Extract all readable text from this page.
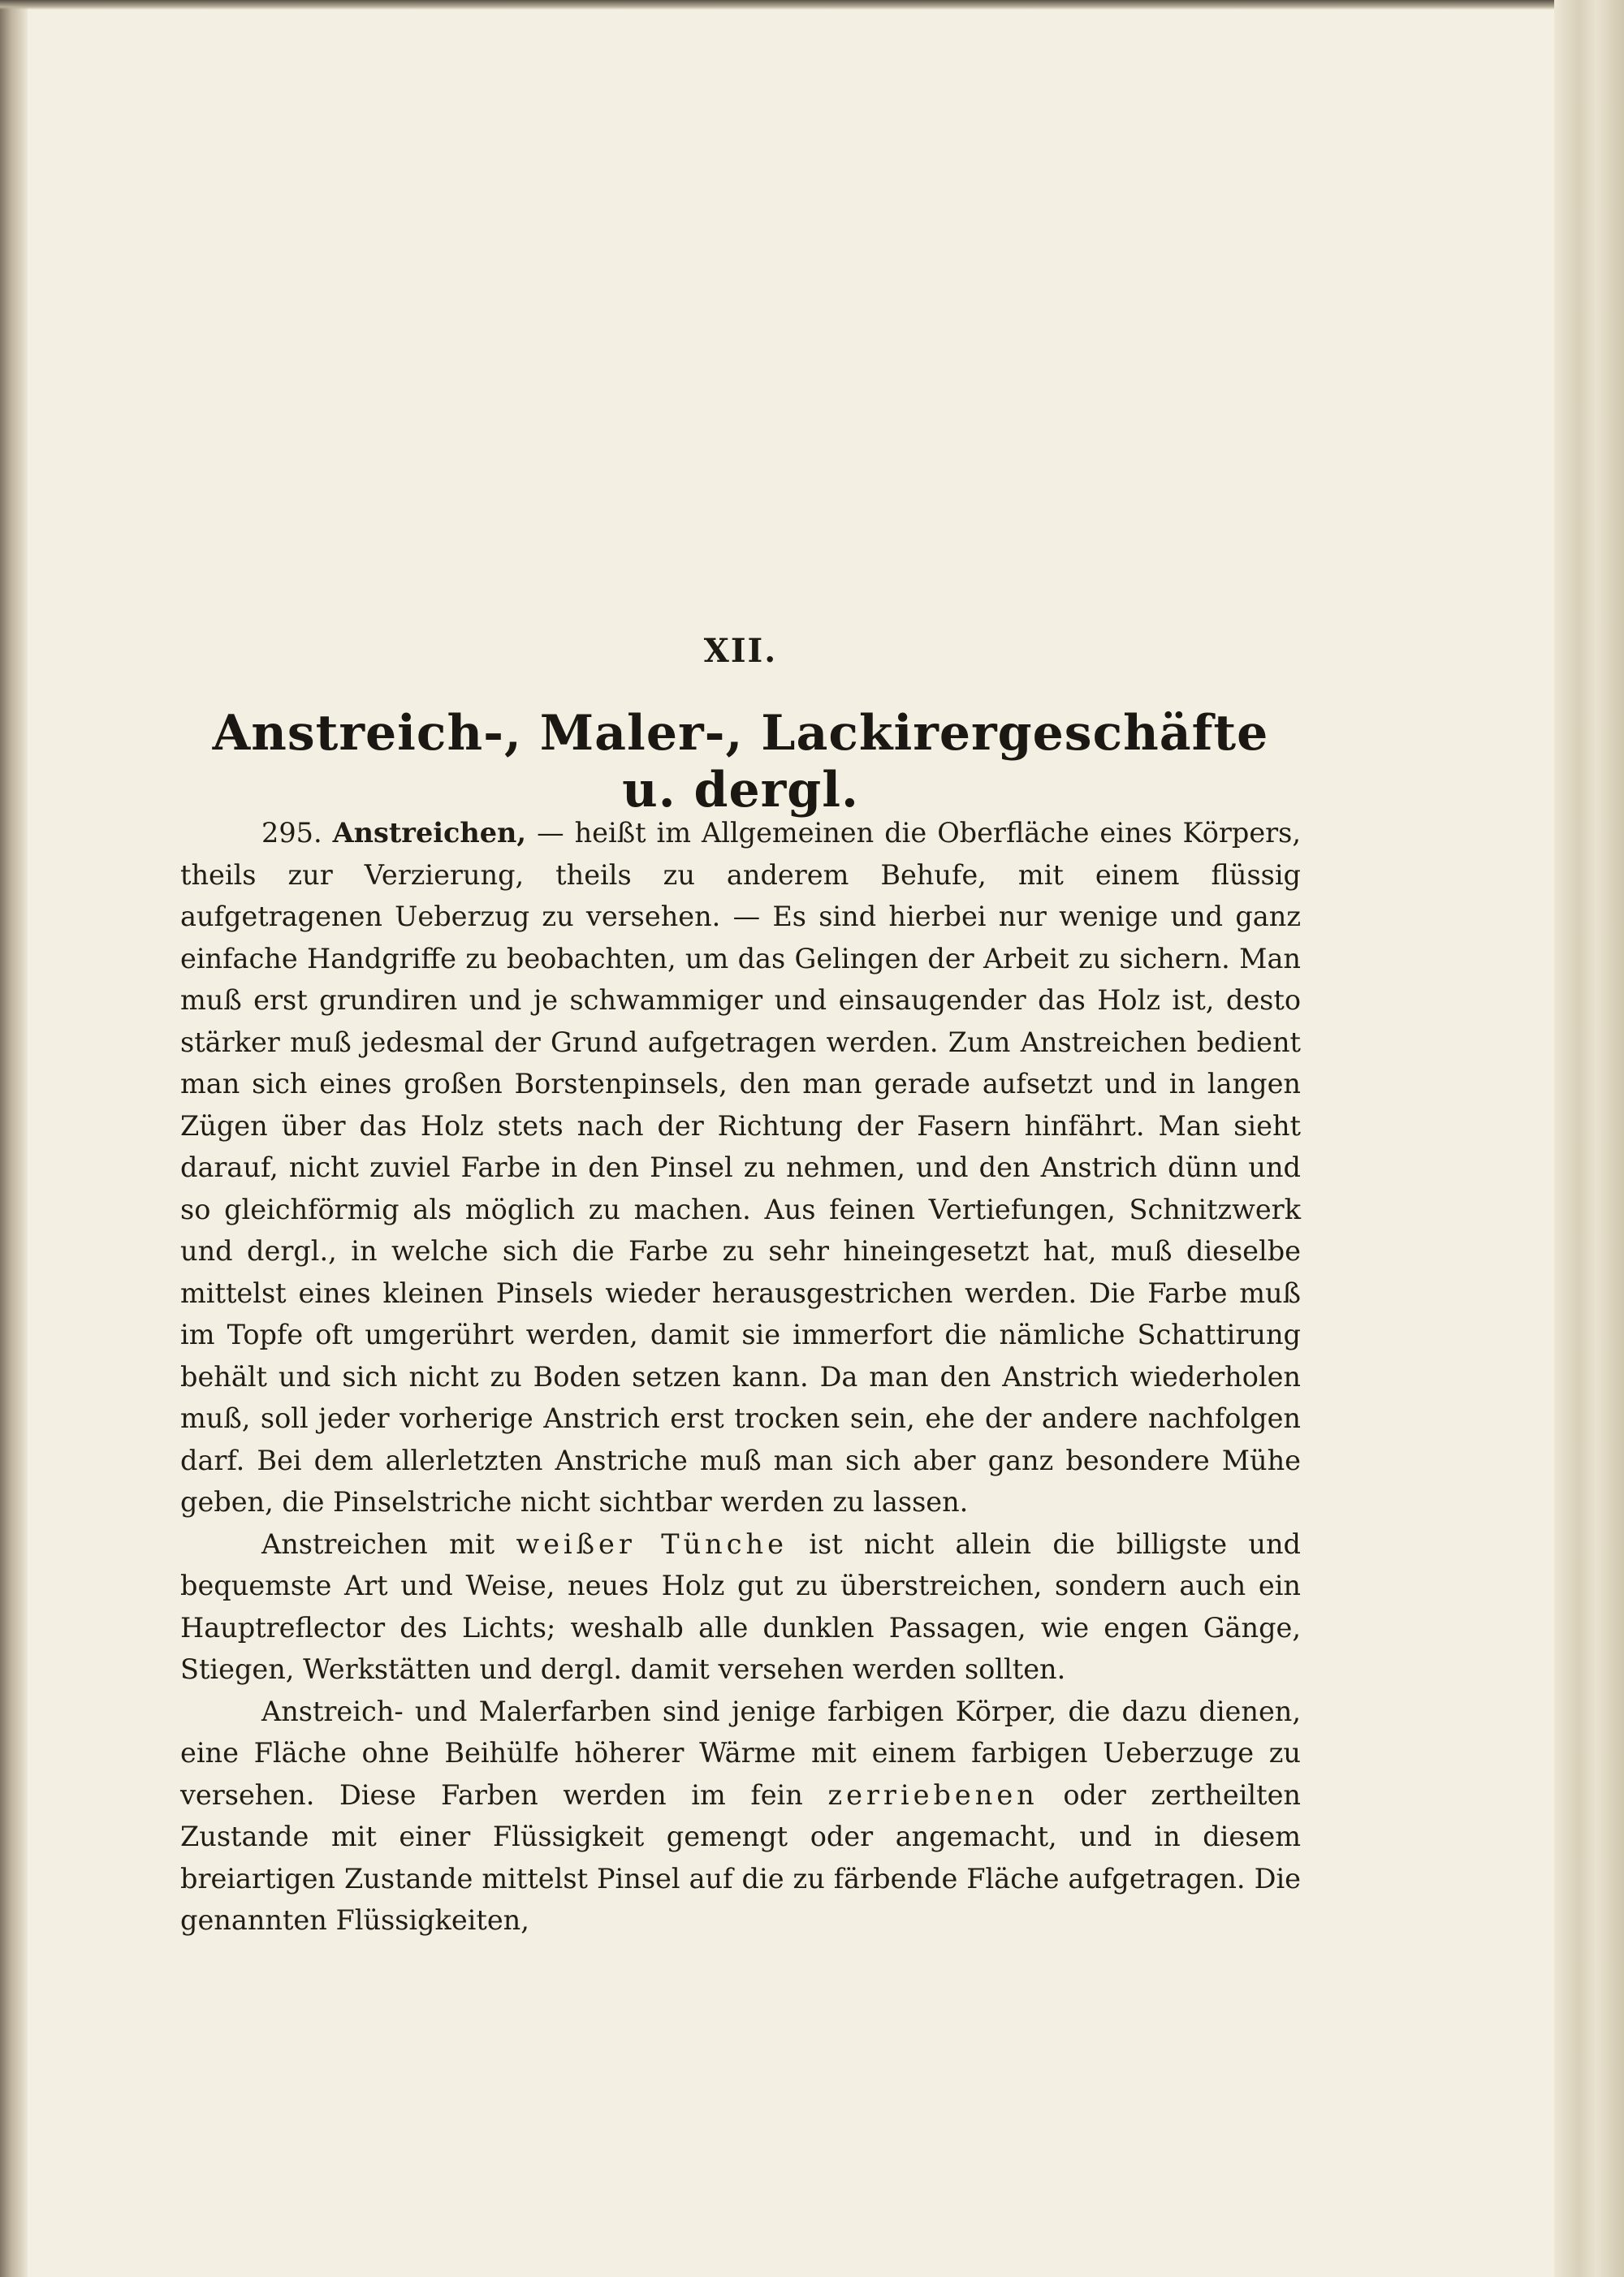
XII.
Anstreich-, Maler-, Lackirergeschäfte u. dergl.

295. Anstreichen, — heißt im Allgemeinen die Oberfläche eines Körpers, theils zur Verzierung, theils zu anderem Behufe, mit einem flüssig aufgetragenen Ueberzug zu versehen. — Es sind hierbei nur wenige und ganz einfache Handgriffe zu beobachten, um das Gelingen der Arbeit zu sichern. Man muß erst grundiren und je schwammiger und einsaugender das Holz ist, desto stärker muß jedesmal der Grund aufgetragen werden. Zum Anstreichen bedient man sich eines großen Borstenpinsels, den man gerade aufsetzt und in langen Zügen über das Holz stets nach der Richtung der Fasern hinfährt. Man sieht darauf, nicht zuviel Farbe in den Pinsel zu nehmen, und den Anstrich dünn und so gleichförmig als möglich zu machen. Aus feinen Vertiefungen, Schnitzwerk und dergl., in welche sich die Farbe zu sehr hineingesetzt hat, muß dieselbe mittelst eines kleinen Pinsels wieder herausgestrichen werden. Die Farbe muß im Topfe oft umgerührt werden, damit sie immerfort die nämliche Schattirung behält und sich nicht zu Boden setzen kann. Da man den Anstrich wiederholen muß, soll jeder vorherige Anstrich erst trocken sein, ehe der andere nachfolgen darf. Bei dem allerletzten Anstriche muß man sich aber ganz besondere Mühe geben, die Pinselstriche nicht sichtbar werden zu lassen.

Anstreichen mit weißer Tünche ist nicht allein die billigste und bequemste Art und Weise, neues Holz gut zu überstreichen, sondern auch ein Hauptreflector des Lichts; weshalb alle dunklen Passagen, wie engen Gänge, Stiegen, Werkstätten und dergl. damit versehen werden sollten.

Anstreich- und Malerfarben sind jenige farbigen Körper, die dazu dienen, eine Fläche ohne Beihülfe höherer Wärme mit einem farbigen Ueberzuge zu versehen. Diese Farben werden im fein zerriebenen oder zertheilten Zustande mit einer Flüssigkeit gemengt oder angemacht, und in diesem breiartigen Zustande mittelst Pinsel auf die zu färbende Fläche aufgetragen. Die genannten Flüssigkeiten,
